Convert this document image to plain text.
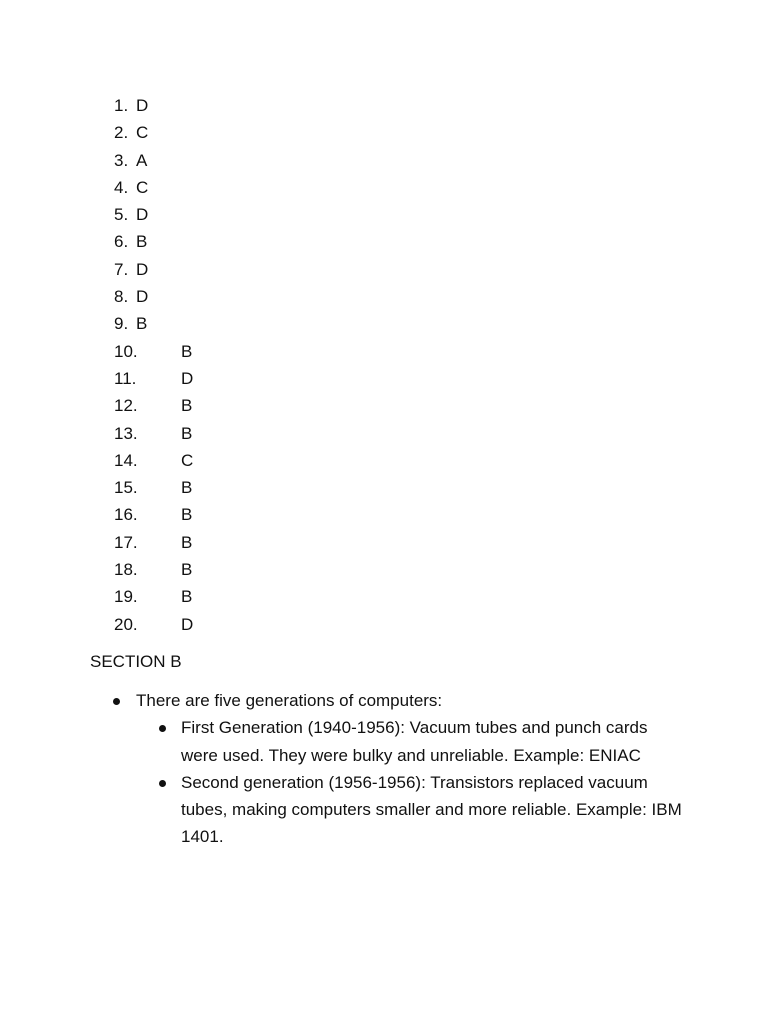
1. D
2. C
3. A
4. C
5. D
6. B
7. D
8. D
9. B
10.	B
11.	D
12.	B
13.	B
14.	C
15.	B
16.	B
17.	B
18.	B
19.	B
20.	D
SECTION B
There are five generations of computers:
First Generation (1940-1956): Vacuum tubes and punch cards were used. They were bulky and unreliable. Example: ENIAC
Second generation (1956-1956): Transistors replaced vacuum tubes, making computers smaller and more reliable. Example: IBM 1401.
